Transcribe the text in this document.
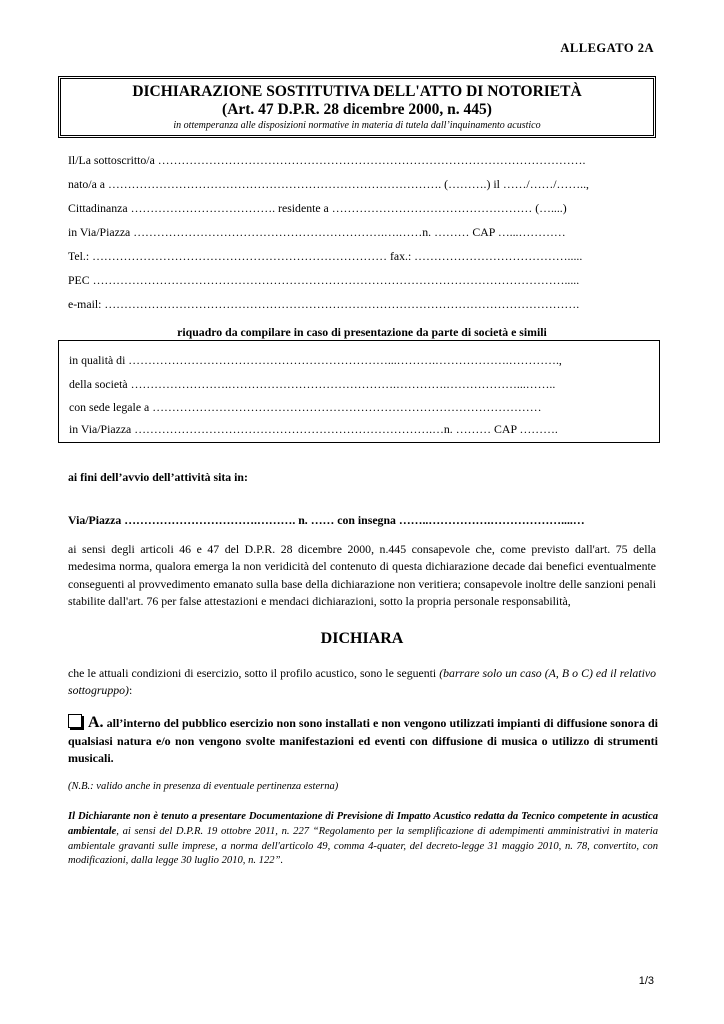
ALLEGATO 2A
DICHIARAZIONE SOSTITUTIVA DELL'ATTO DI NOTORIETÀ
(Art. 47 D.P.R. 28 dicembre 2000, n. 445)
in ottemperanza alle disposizioni normative in materia di tutela dall’inquinamento acustico
Il/La sottoscritto/a ……………………………………………………………………………………………….
nato/a a …………………………………………………………………………. (……….) il ……/……/……..,
Cittadinanza ………………………………. residente a …………………………………………… (…....)
in Via/Piazza ……………………………………………………….….……n. ……… CAP …...…………
Tel.: ………………………………………………………………… fax.: ………………………………….....
PEC ………………………………………………………………………………………………………….....
e-mail: ………………………………………………………………………………………………………….
riquadro da compilare in caso di presentazione da parte di società e simili
in qualità di …………………………………………………………...……….……………….………….,
della società …………………….…………………………………….………….………………...……..
con sede legale a ………………………………………………………………………………………
in Via/Piazza ………………………………………………………………….…n. ……… CAP ……….
ai fini dell’avvio dell’attività sita in:
Via/Piazza …………………………….………. n. …… con insegna ……..…………….………………....…
ai sensi degli articoli 46 e 47 del D.P.R. 28 dicembre 2000, n.445 consapevole che, come previsto dall'art. 75 della medesima norma, qualora emerga la non veridicità del contenuto di questa dichiarazione decade dai benefici eventualmente conseguenti al provvedimento emanato sulla base della dichiarazione non veritiera; consapevole inoltre delle sanzioni penali stabilite dall'art. 76 per false attestazioni e mendaci dichiarazioni, sotto la propria personale responsabilità,
DICHIARA
che le attuali condizioni di esercizio, sotto il profilo acustico, sono le seguenti (barrare solo un caso (A, B o C) ed il relativo sottogruppo):
A. all’interno del pubblico esercizio non sono installati e non vengono utilizzati impianti di diffusione sonora di qualsiasi natura e/o non vengono svolte manifestazioni ed eventi con diffusione di musica o utilizzo di strumenti musicali.
(N.B.: valido anche in presenza di eventuale pertinenza esterna)
Il Dichiarante non è tenuto a presentare Documentazione di Previsione di Impatto Acustico redatta da Tecnico competente in acustica ambientale, ai sensi del D.P.R. 19 ottobre 2011, n. 227 “Regolamento per la semplificazione di adempimenti amministrativi in materia ambientale gravanti sulle imprese, a norma dell'articolo 49, comma 4-quater, del decreto-legge 31 maggio 2010, n. 78, convertito, con modificazioni, dalla legge 30 luglio 2010, n. 122”.
1/3
